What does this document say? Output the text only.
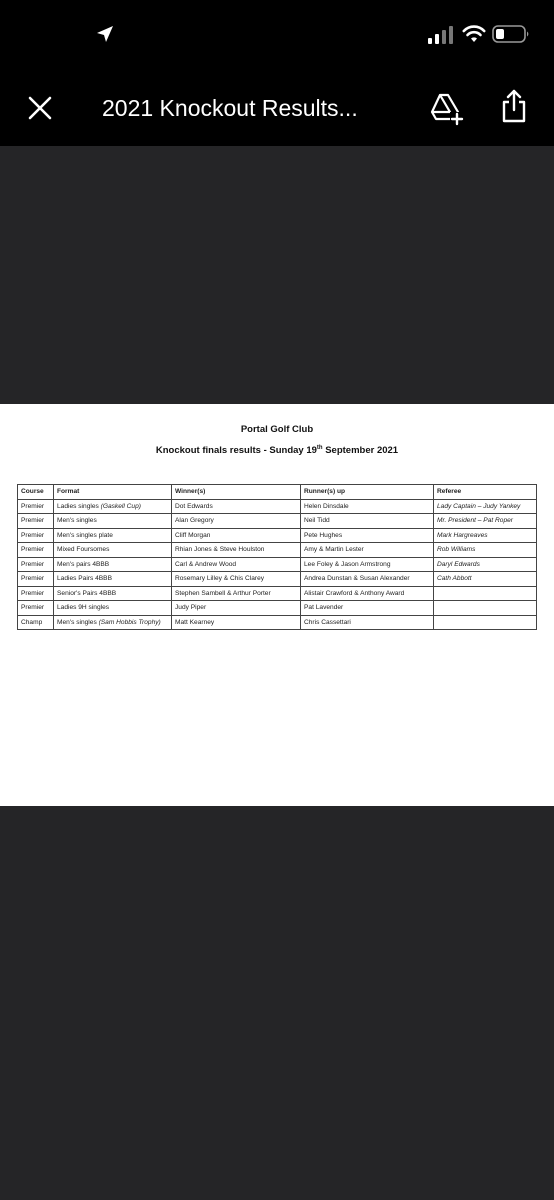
20:16
2021 Knockout Results...
Portal Golf Club
Knockout finals results - Sunday 19th September 2021
Course	Format	Winner(s)	Runner(s) up	Referee
Premier	Ladies singles (Gaskell Cup)	Dot Edwards	Helen Dinsdale	Lady Captain – Judy Yankey
Premier	Men's singles	Alan Gregory	Neil Tidd	Mr. President – Pat Roper
Premier	Men's singles plate	Cliff Morgan	Pete Hughes	Mark Hargreaves
Premier	Mixed Foursomes	Rhian Jones & Steve Houlston	Amy & Martin Lester	Rob Williams
Premier	Men's pairs 4BBB	Carl & Andrew Wood	Lee Foley & Jason Armstrong	Daryl Edwards
Premier	Ladies Pairs 4BBB	Rosemary Lilley & Chis Clarey	Andrea Dunstan & Susan Alexander	Cath Abbott
Premier	Senior's Pairs 4BBB	Stephen Sambell & Arthur Porter	Alistair Crawford & Anthony Award	
Premier	Ladies 9H singles	Judy Piper	Pat Lavender	
Champ	Men's singles (Sam Hobbis Trophy)	Matt Kearney	Chris Cassettari	
